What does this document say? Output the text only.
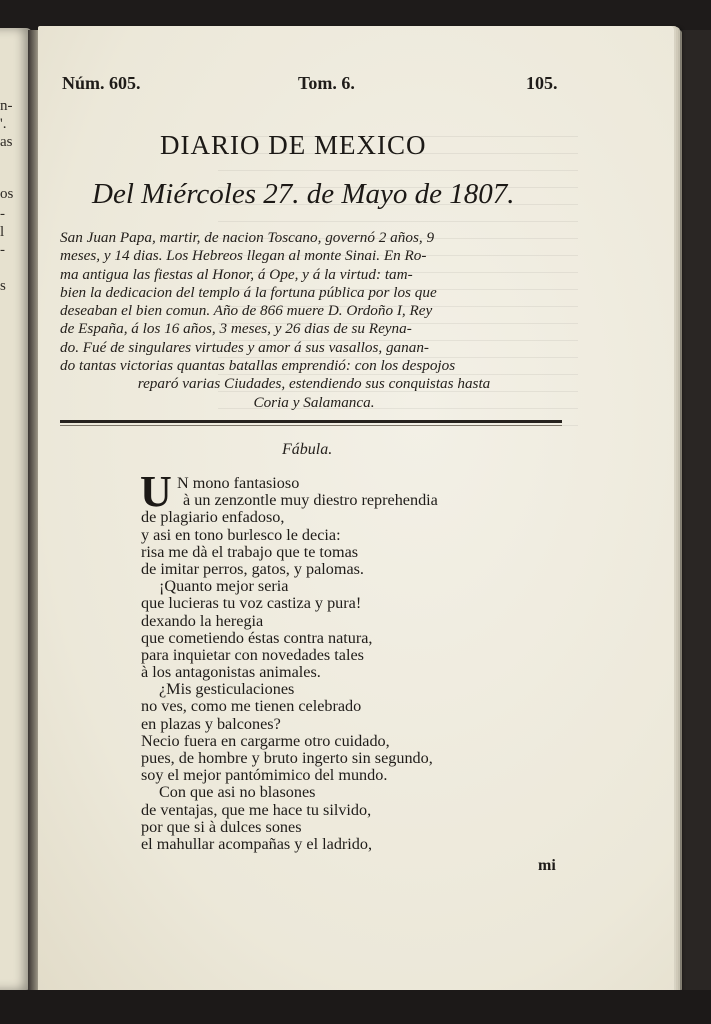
n-
'.
as
os
-
l
-
s
Núm. 605.	Tom. 6.	105.
DIARIO DE MEXICO
Del Miércoles 27. de Mayo de 1807.
San Juan Papa, martir, de nacion Toscano, governó 2 años, 9
meses, y 14 dias. Los Hebreos llegan al monte Sinai. En Ro-
ma antigua las fiestas al Honor, á Ope, y á la virtud: tam-
bien la dedicacion del templo á la fortuna pública por los que
deseaban el bien comun. Año de 866 muere D. Ordoño I, Rey
de España, á los 16 años, 3 meses, y 26 dias de su Reyna-
do. Fué de singulares virtudes y amor á sus vasallos, ganan-
do tantas victorias quantas batallas emprendió: con los despojos
reparó varias Ciudades, estendiendo sus conquistas hasta
Coria y Salamanca.
Fábula.
U N mono fantasioso
à un zenzontle muy diestro reprehendia
de plagiario enfadoso,
y asi en tono burlesco le decia:
risa me dà el trabajo que te tomas
de imitar perros, gatos, y palomas.
¡Quanto mejor seria
que lucieras tu voz castiza y pura!
dexando la heregia
que cometiendo éstas contra natura,
para inquietar con novedades tales
à los antagonistas animales.
¿Mis gesticulaciones
no ves, como me tienen celebrado
en plazas y balcones?
Necio fuera en cargarme otro cuidado,
pues, de hombre y bruto ingerto sin segundo,
soy el mejor pantómimico del mundo.
Con que asi no blasones
de ventajas, que me hace tu silvido,
por que si à dulces sones
el mahullar acompañas y el ladrido,
mi
